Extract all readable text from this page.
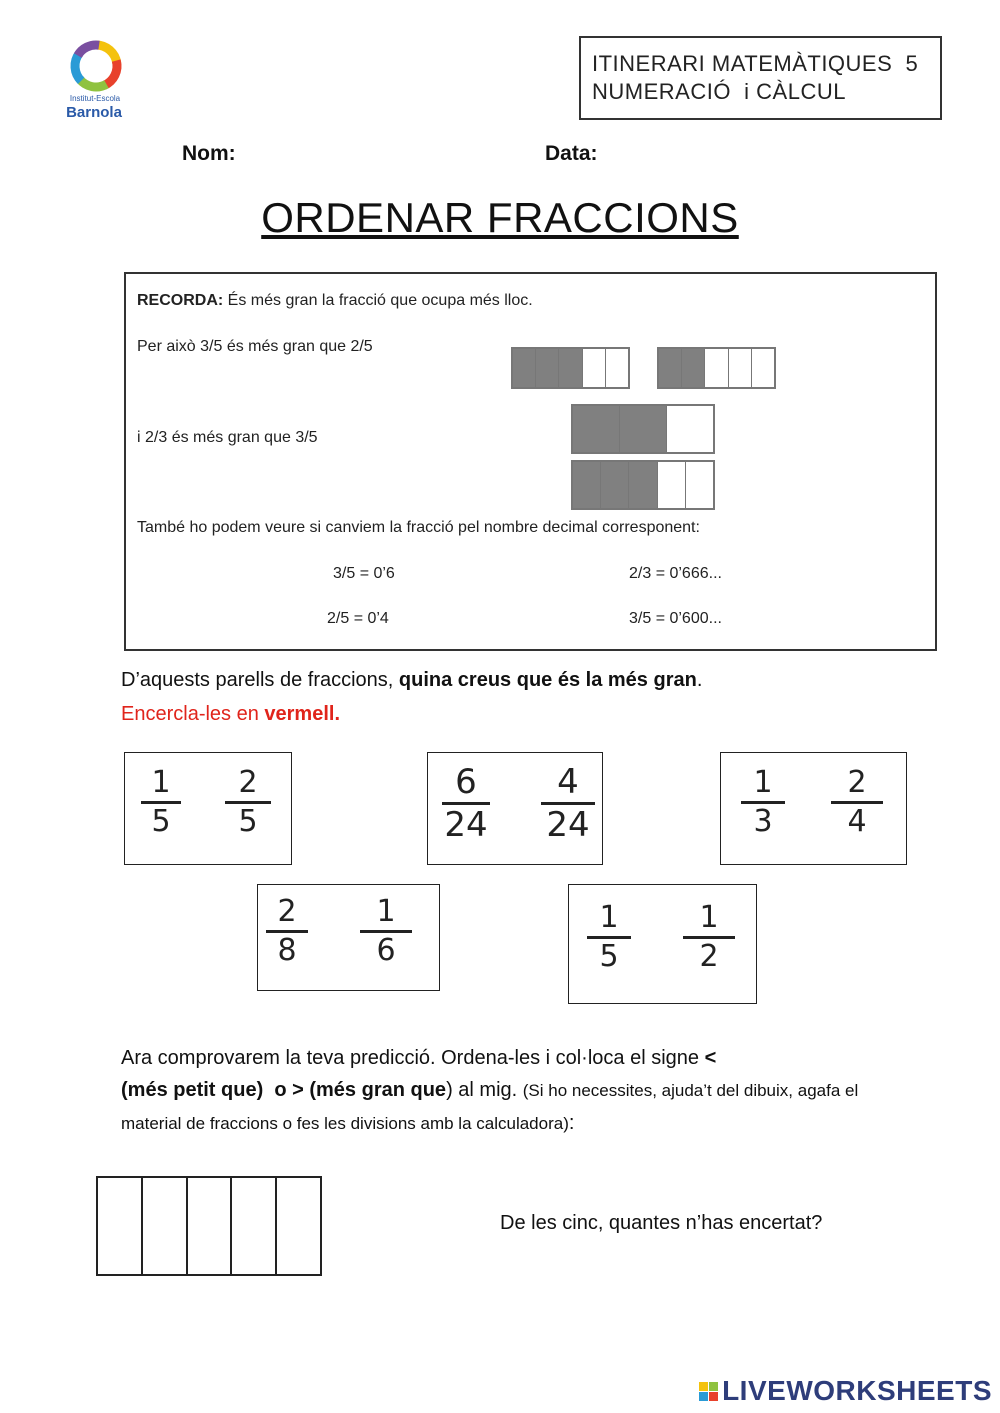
Institut-Escola
Barnola
ITINERARI MATEMÀTIQUES  5
NUMERACIÓ  i CÀLCUL
Nom:	Data:
ORDENAR FRACCIONS
RECORDA: És més gran la fracció que ocupa més lloc.
Per això 3/5 és més gran que 2/5
i 2/3 és més gran que 3/5
També ho podem veure si canviem la fracció pel nombre decimal corresponent:
3/5 = 0’6	2/3 = 0’666...
2/5 = 0’4	3/5 = 0’600...
D’aquests parells de fraccions, quina creus que és la més gran.
Encercla-les en vermell.
1
5
2
5
6
24
4
24
1
3
2
4
2
8
1
6
1
5
1
2
Ara comprovarem la teva predicció. Ordena-les i col·loca el signe <
(més petit que)  o > (més gran que) al mig. (Si ho necessites, ajuda’t del dibuix, agafa el material de fraccions o fes les divisions amb la calculadora):
De les cinc, quantes n’has encertat?
LIVEWORKSHEETS
